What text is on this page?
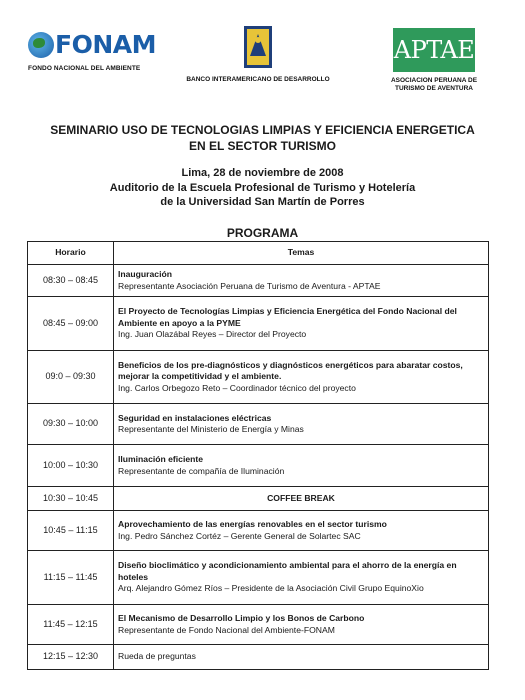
FONAM
FONDO NACIONAL DEL AMBIENTE
BANCO INTERAMERICANO DE DESARROLLO
APTAE
ASOCIACION PERUANA DE
TURISMO DE AVENTURA
SEMINARIO USO DE TECNOLOGIAS LIMPIAS Y EFICIENCIA ENERGETICA
EN EL SECTOR TURISMO
Lima, 28 de noviembre de 2008
Auditorio de la Escuela Profesional de Turismo y Hotelería
de la Universidad San Martín de Porres
PROGRAMA
Horario	Temas
08:30 – 08:45	Inauguración
Representante Asociación Peruana de Turismo de Aventura - APTAE

08:45 – 09:00	El Proyecto de Tecnologías Limpias y Eficiencia Energética del Fondo Nacional del Ambiente en apoyo a la PYME
Ing. Juan Olazábal Reyes – Director del Proyecto

09:0 – 09:30	Beneficios de los pre-diagnósticos y diagnósticos energéticos para abaratar costos, mejorar la competitividad y el ambiente.
Ing. Carlos Orbegozo Reto – Coordinador técnico del proyecto

09:30 – 10:00	Seguridad en instalaciones eléctricas
Representante del Ministerio de Energía y Minas

10:00 – 10:30	Iluminación eficiente
Representante de compañía de Iluminación

10:30 – 10:45	COFFEE BREAK
10:45 – 11:15	Aprovechamiento de las energías renovables en el sector turismo
Ing. Pedro Sánchez Cortéz – Gerente General de Solartec SAC

11:15 – 11:45	Diseño bioclimático y acondicionamiento ambiental para el ahorro de la energía en hoteles
Arq. Alejandro Gómez Ríos – Presidente de la Asociación Civil Grupo EquinoXio

11:45 – 12:15	El Mecanismo de Desarrollo Limpio y los Bonos de Carbono
Representante de Fondo Nacional del Ambiente-FONAM

12:15 – 12:30	Rueda de preguntas
